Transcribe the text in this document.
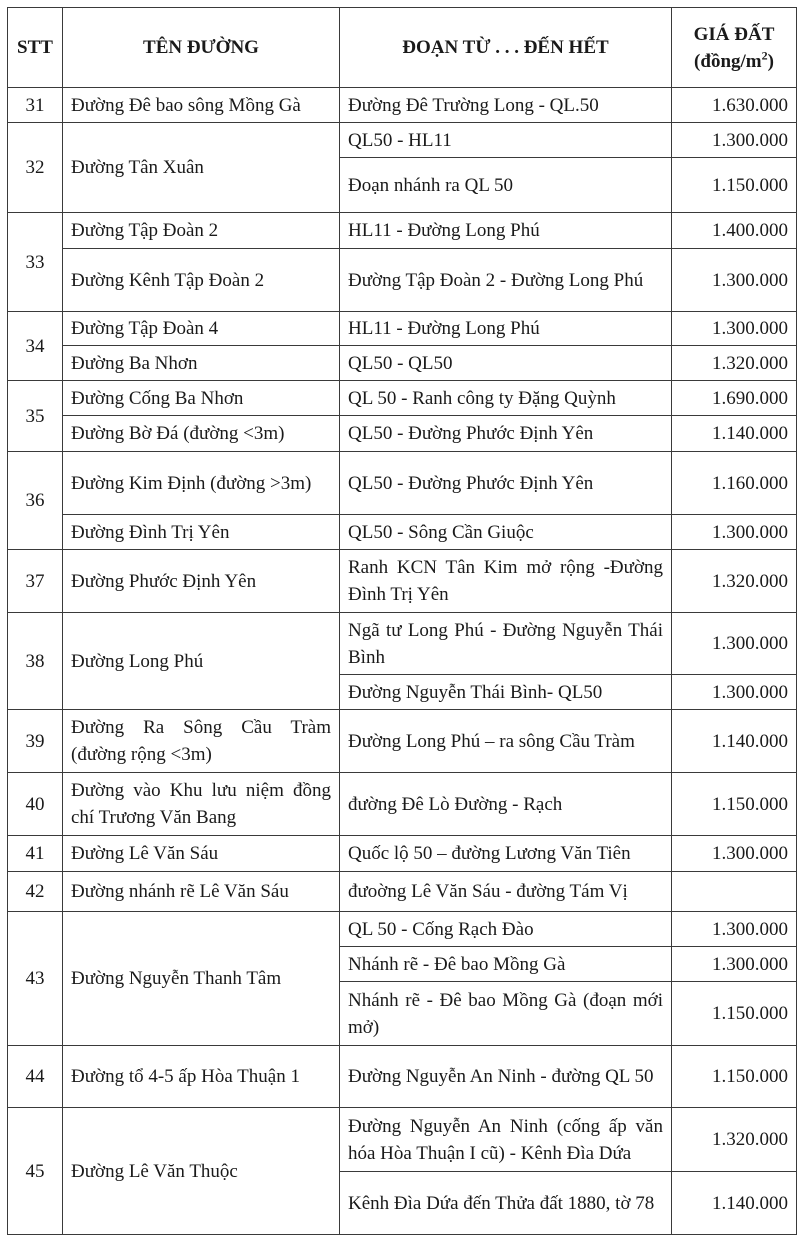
STT	TÊN ĐƯỜNG	ĐOẠN TỪ . . . ĐẾN HẾT	GIÁ ĐẤT
$(đồng/m^2)$
31	Đường Đê bao sông Mồng Gà	Đường Đê Trường Long - QL.50	1.630.000
32	Đường Tân Xuân	QL50 - HL11	1.300.000
		Đoạn nhánh ra QL 50	1.150.000
33	Đường Tập Đoàn 2	HL11 - Đường Long Phú	1.400.000
	Đường Kênh Tập Đoàn 2	Đường Tập Đoàn 2 - Đường Long Phú	1.300.000
34	Đường Tập Đoàn 4	HL11 - Đường Long Phú	1.300.000
	Đường Ba Nhơn	QL50 - QL50	1.320.000
35	Đường Cống Ba Nhơn	QL 50 - Ranh công ty Đặng Quỳnh	1.690.000
	Đường Bờ Đá (đường <3m)	QL50 - Đường Phước Định Yên	1.140.000
36	Đường Kim Định (đường >3m)	QL50 - Đường Phước Định Yên	1.160.000
	Đường Đình Trị Yên	QL50 - Sông Cần Giuộc	1.300.000
37	Đường Phước Định Yên	Ranh KCN Tân Kim mở rộng -Đường Đình Trị Yên	1.320.000
38	Đường Long Phú	Ngã tư Long Phú - Đường Nguyễn Thái Bình	1.300.000
		Đường Nguyễn Thái Bình- QL50	1.300.000
39	Đường Ra Sông Cầu Tràm (đường rộng <3m)	Đường Long Phú – ra sông Cầu Tràm	1.140.000
40	Đường vào Khu lưu niệm đồng chí Trương Văn Bang	đường Đê Lò Đường - Rạch	1.150.000
41	Đường Lê Văn Sáu	Quốc lộ 50 – đường Lương Văn Tiên	1.300.000
42	Đường nhánh rẽ Lê Văn Sáu	đưoờng Lê Văn Sáu - đường Tám Vị	
43	Đường Nguyễn Thanh Tâm	QL 50 - Cống Rạch Đào	1.300.000
		Nhánh rẽ - Đê bao Mồng Gà	1.300.000
		Nhánh rẽ - Đê bao Mồng Gà (đoạn mới mở)	1.150.000
44	Đường tổ 4-5 ấp Hòa Thuận 1	Đường Nguyễn An Ninh - đường QL 50	1.150.000
45	Đường Lê Văn Thuộc	Đường Nguyễn An Ninh (cống ấp văn hóa Hòa Thuận I cũ) - Kênh Đìa Dứa	1.320.000
		Kênh Đìa Dứa đến Thửa đất 1880, tờ 78	1.140.000
